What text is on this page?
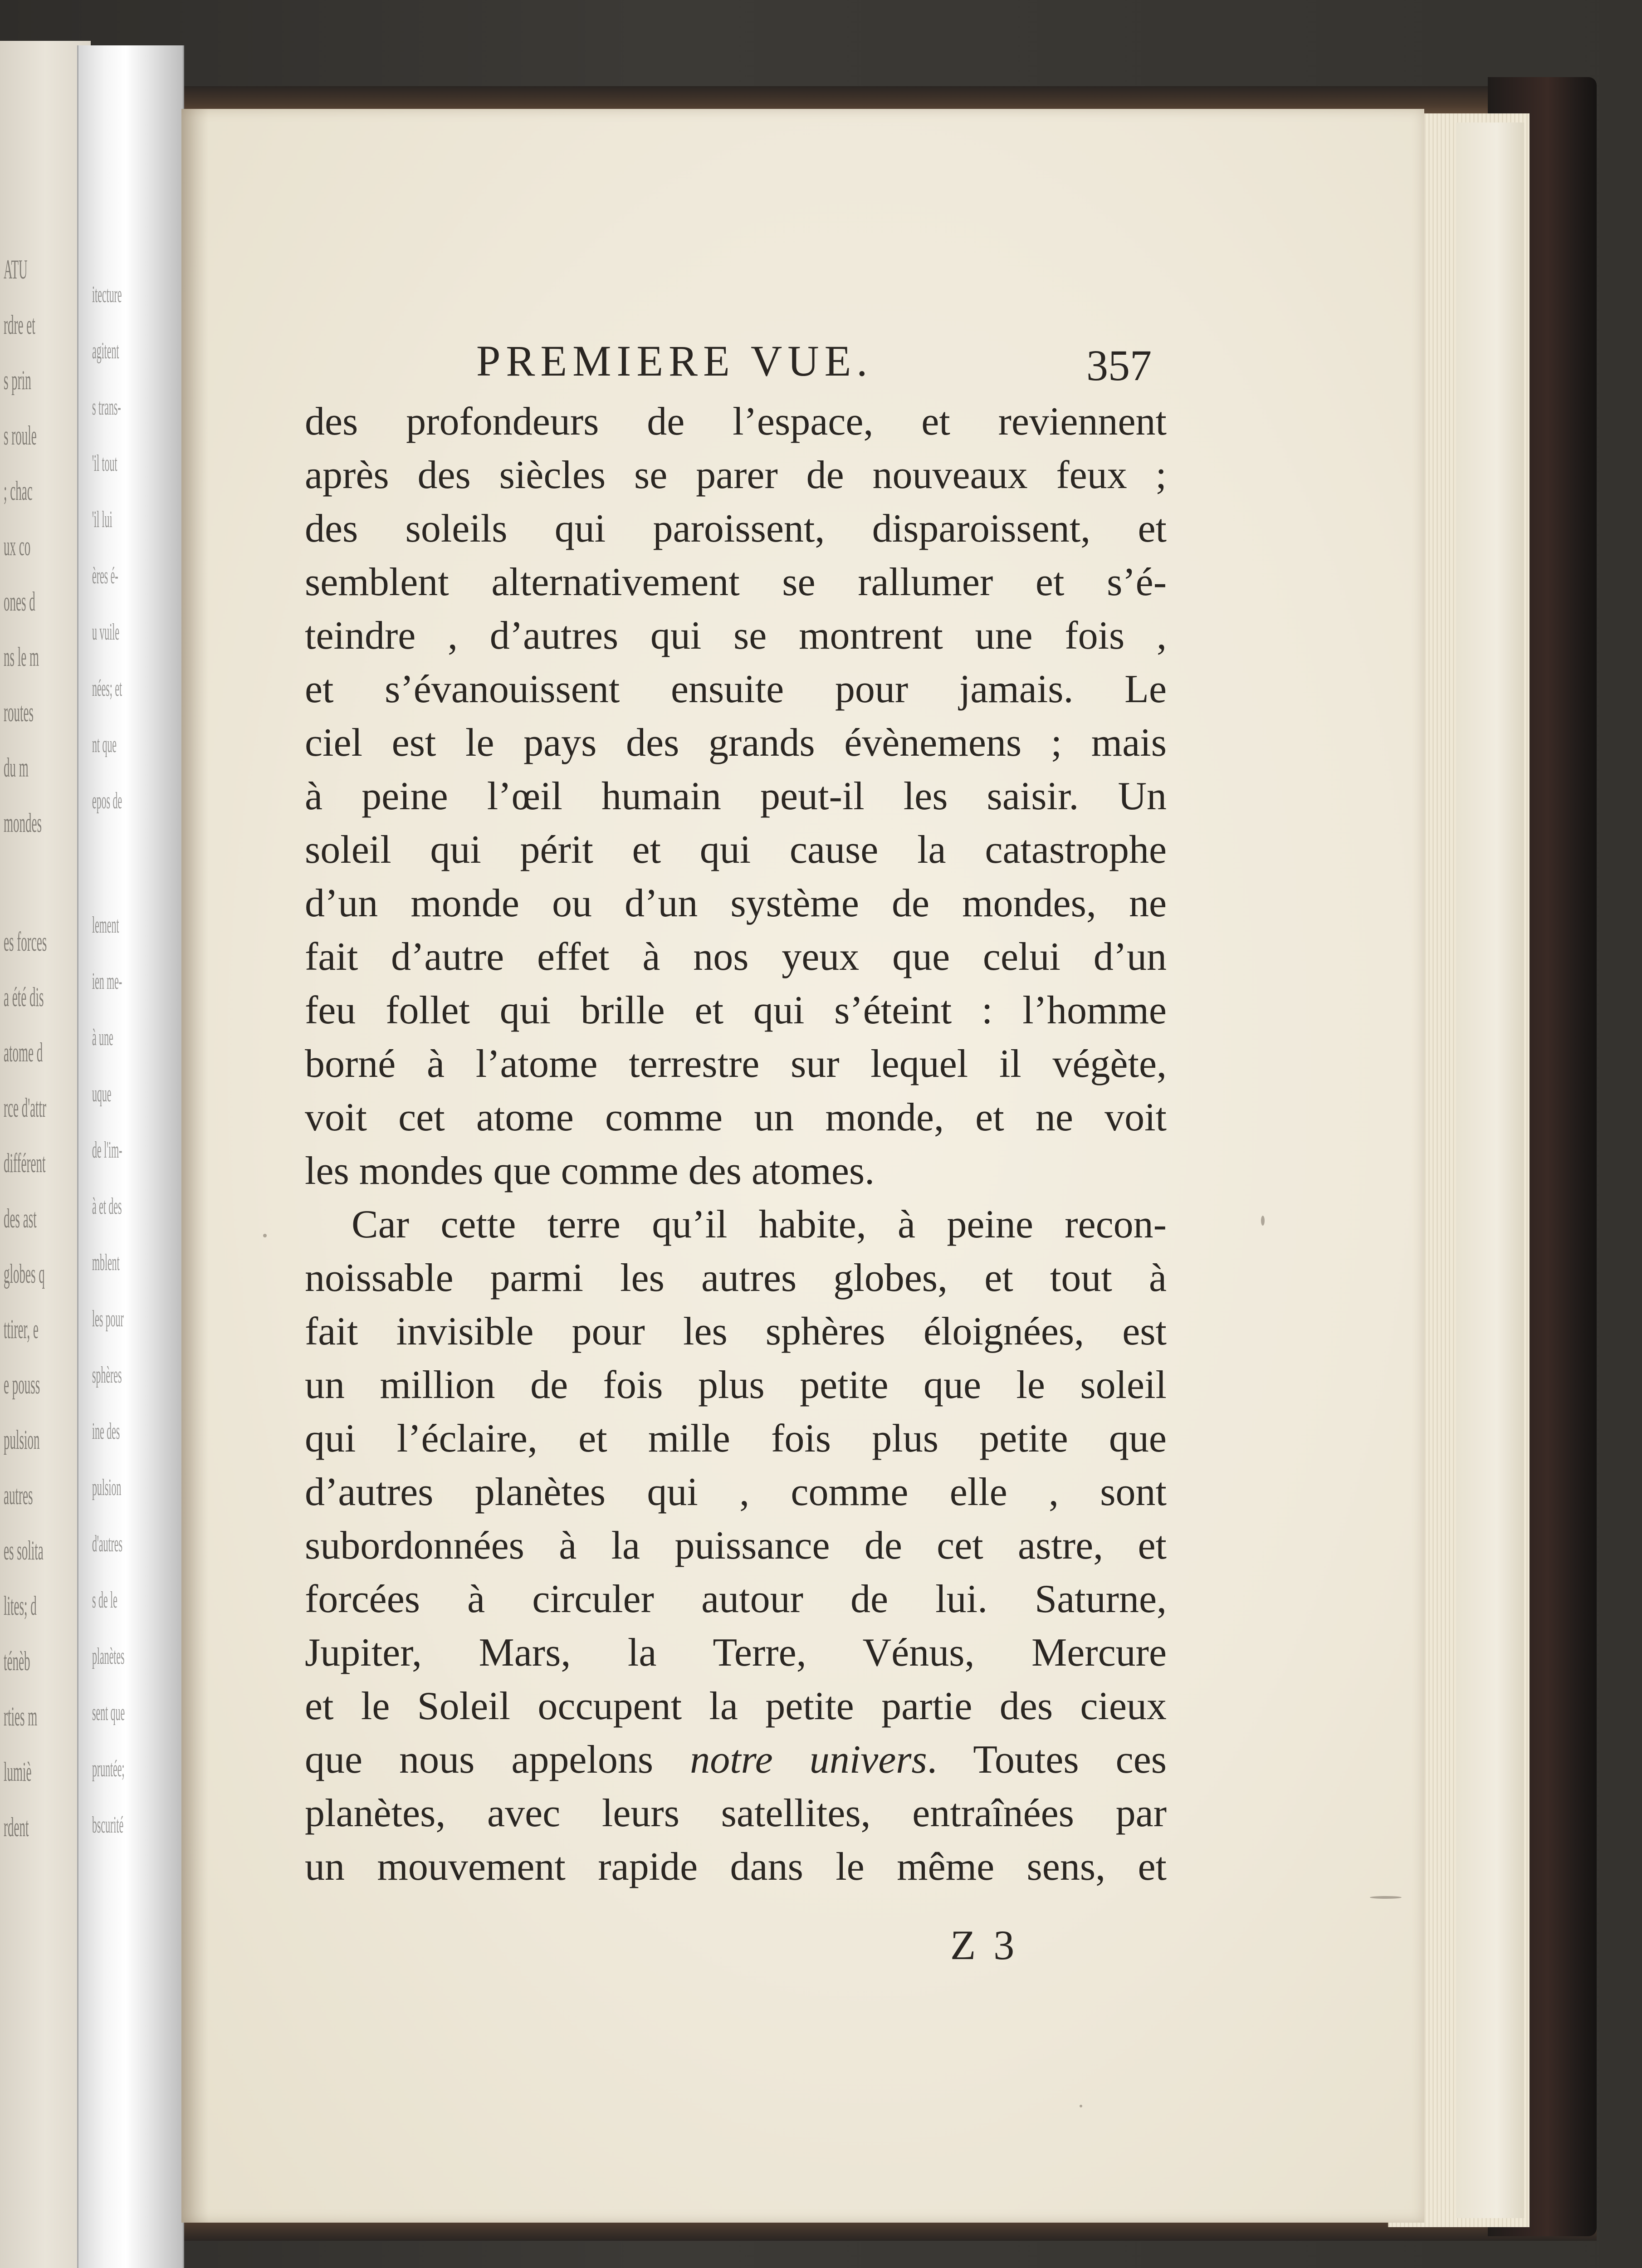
ATU
rdre et
s prin
s roule
; chac
ux co
ones d
ns le m
routes
du m
mondes
es forces
a été dis
atome d
rce d'attr
différent
des ast
globes q
ttirer, e
e pouss
pulsion
autres
es solita
lites; d
ténèb
rties m
lumiè
rdent
itecture
agitent
s trans-
'il tout
'il lui
ères é-
u vuile
nées; et
nt que
epos de
lement
ien me-
à une
uque
de l'im-
à et des
mblent
les pour
sphères
ine des
pulsion
d'autres
s de le
planètes
sent que
pruntée;
bscurité
PREMIERE VUE.	357
des profondeurs de l’espace, et reviennent
après des siècles se parer de nouveaux feux ;
des soleils qui paroissent, disparoissent, et
semblent alternativement se rallumer et s’é-
teindre , d’autres qui se montrent une fois ,
et s’évanouissent ensuite pour jamais. Le
ciel est le pays des grands évènemens ; mais
à peine l’œil humain peut-il les saisir. Un
soleil qui périt et qui cause la catastrophe
d’un monde ou d’un système de mondes, ne
fait d’autre effet à nos yeux que celui d’un
feu follet qui brille et qui s’éteint : l’homme
borné à l’atome terrestre sur lequel il végète,
voit cet atome comme un monde, et ne voit
les mondes que comme des atomes.
Car cette terre qu’il habite, à peine recon-
noissable parmi les autres globes, et tout à
fait invisible pour les sphères éloignées, est
un million de fois plus petite que le soleil
qui l’éclaire, et mille fois plus petite que
d’autres planètes qui , comme elle , sont
subordonnées à la puissance de cet astre, et
forcées à circuler autour de lui. Saturne,
Jupiter, Mars, la Terre, Vénus, Mercure
et le Soleil occupent la petite partie des cieux
que nous appelons notre univers. Toutes ces
planètes, avec leurs satellites, entraînées par
un mouvement rapide dans le même sens, et
Z 3
